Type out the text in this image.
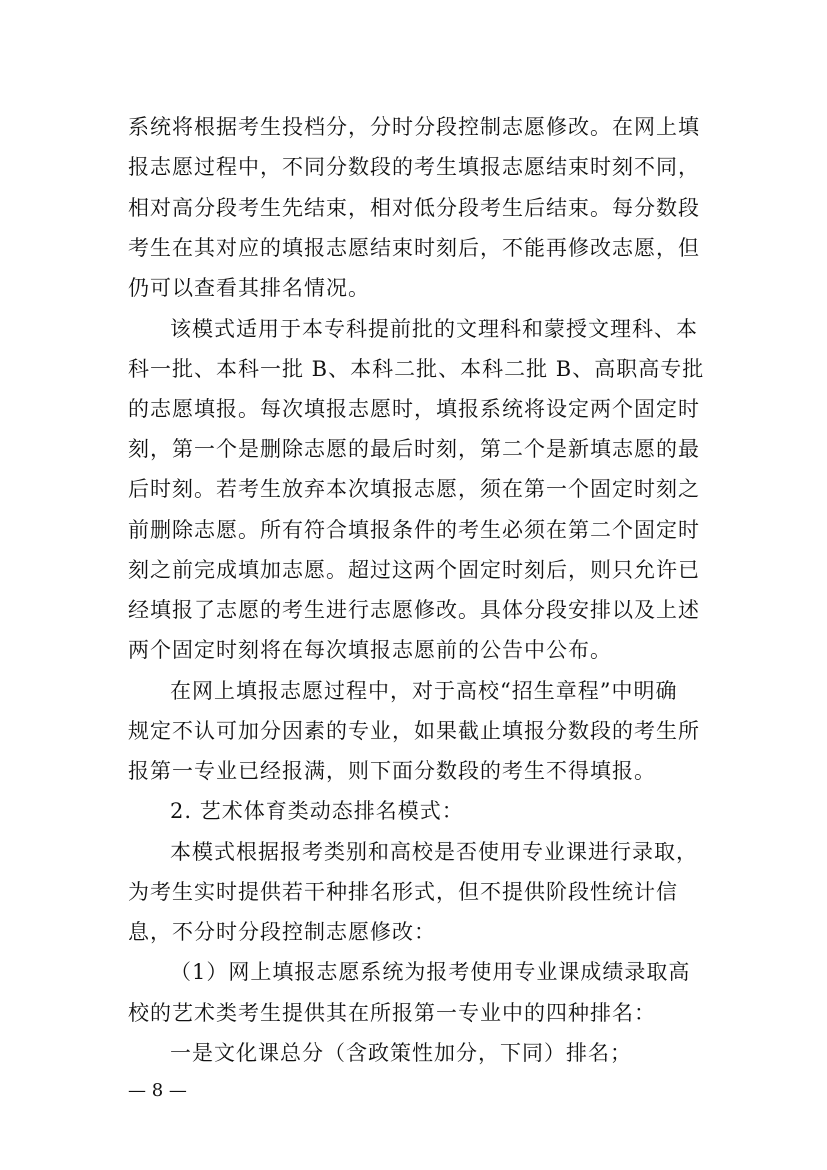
系统将根据考生投档分，分时分段控制志愿修改。在网上填
报志愿过程中，不同分数段的考生填报志愿结束时刻不同，
相对高分段考生先结束，相对低分段考生后结束。每分数段
考生在其对应的填报志愿结束时刻后，不能再修改志愿，但
仍可以查看其排名情况。
该模式适用于本专科提前批的文理科和蒙授文理科、本
科一批、本科一批 B、本科二批、本科二批 B、高职高专批
的志愿填报。每次填报志愿时，填报系统将设定两个固定时
刻，第一个是删除志愿的最后时刻，第二个是新填志愿的最
后时刻。若考生放弃本次填报志愿，须在第一个固定时刻之
前删除志愿。所有符合填报条件的考生必须在第二个固定时
刻之前完成填加志愿。超过这两个固定时刻后，则只允许已
经填报了志愿的考生进行志愿修改。具体分段安排以及上述
两个固定时刻将在每次填报志愿前的公告中公布。
在网上填报志愿过程中，对于高校“招生章程”中明确
规定不认可加分因素的专业，如果截止填报分数段的考生所
报第一专业已经报满，则下面分数段的考生不得填报。
2. 艺术体育类动态排名模式：
本模式根据报考类别和高校是否使用专业课进行录取，
为考生实时提供若干种排名形式，但不提供阶段性统计信
息，不分时分段控制志愿修改：
（1）网上填报志愿系统为报考使用专业课成绩录取高
校的艺术类考生提供其在所报第一专业中的四种排名：
一是文化课总分（含政策性加分，下同）排名；
— 8 —
